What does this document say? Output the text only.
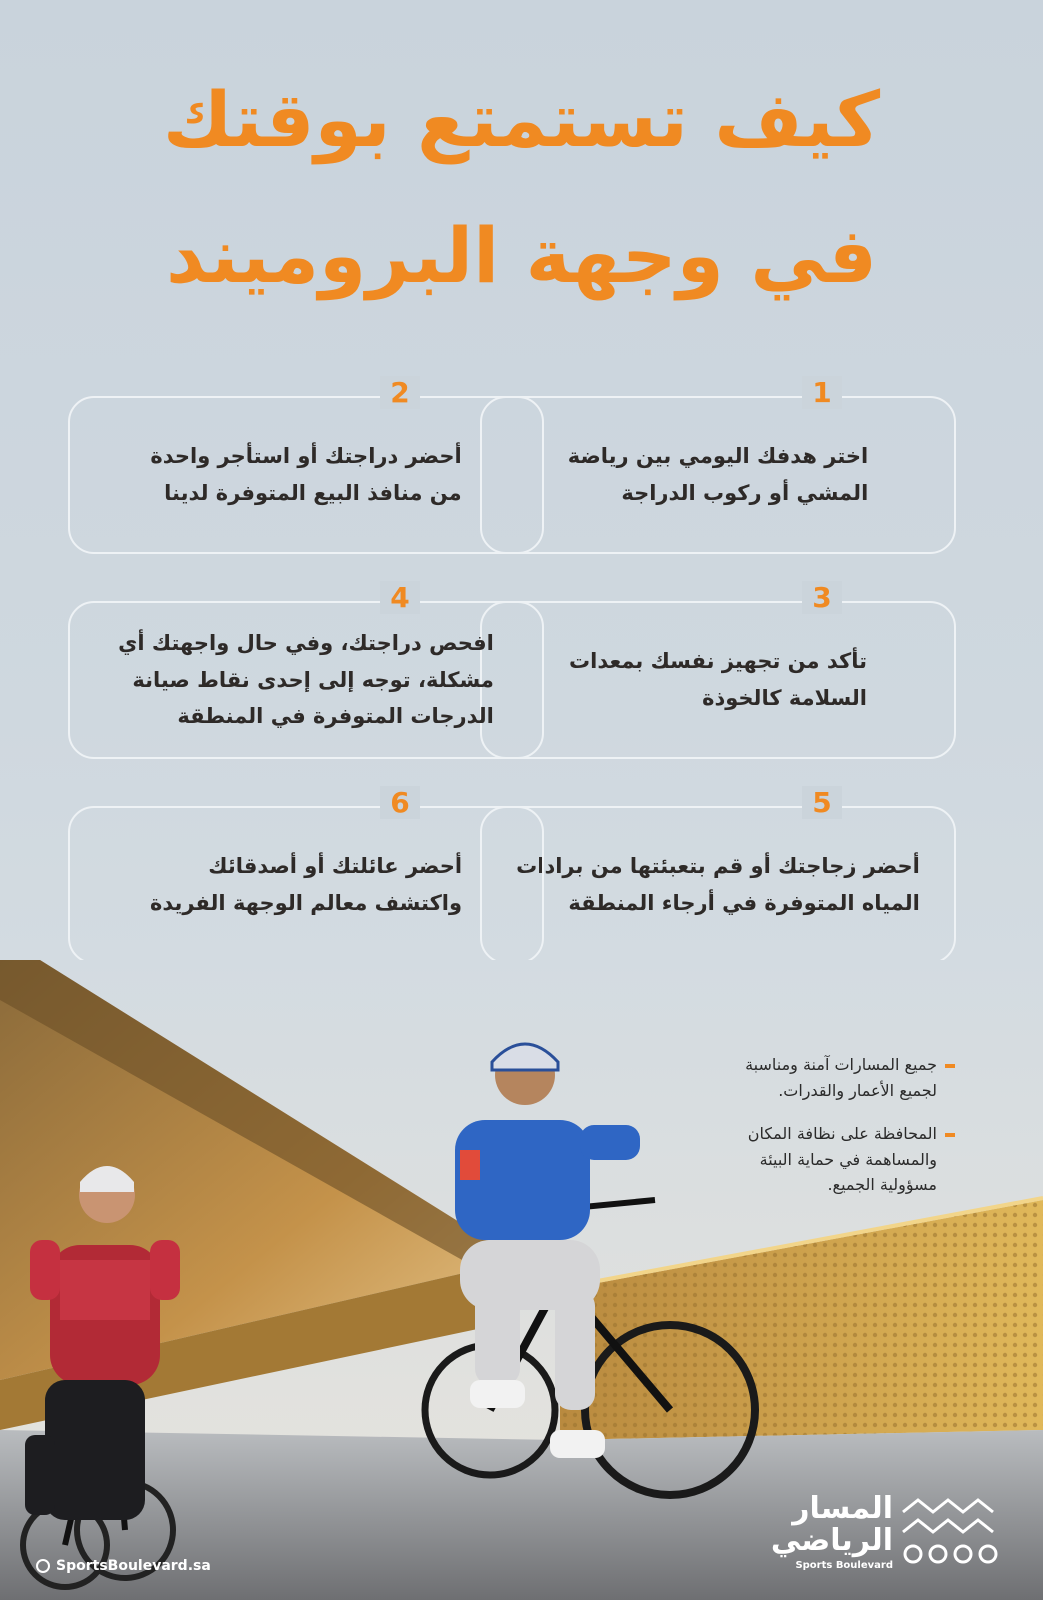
كيف تستمتع بوقتك
في وجهة البروميند
1
اختر هدفك اليومي بين رياضة
المشي أو ركوب الدراجة
2
أحضر دراجتك أو استأجر واحدة
من منافذ البيع المتوفرة لدينا
3
تأكد من تجهيز نفسك بمعدات
السلامة كالخوذة
4
افحص دراجتك، وفي حال واجهتك أي
مشكلة، توجه إلى إحدى نقاط صيانة
الدرجات المتوفرة في المنطقة
5
أحضر زجاجتك أو قم بتعبئتها من برادات
المياه المتوفرة في أرجاء المنطقة
6
أحضر عائلتك أو أصدقائك
واكتشف معالم الوجهة الفريدة
SportsBoulevard.sa
المسار
الرياضي
Sports Boulevard
جميع المسارات آمنة ومناسبة
لجميع الأعمار والقدرات.
المحافظة على نظافة المكان
والمساهمة في حماية البيئة
مسؤولية الجميع.
